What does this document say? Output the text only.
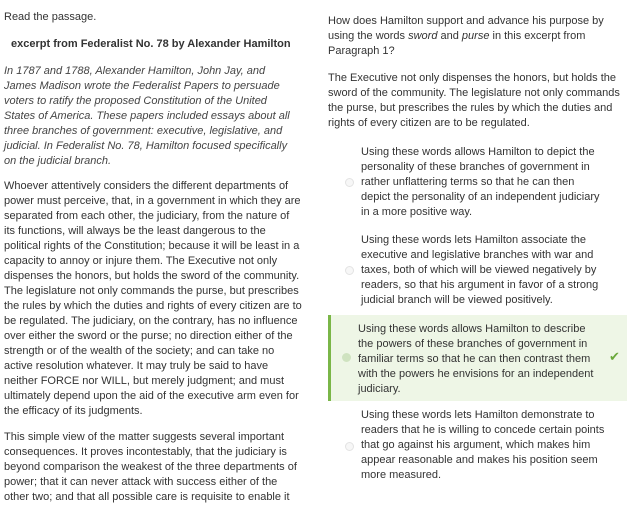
Read the passage.
excerpt from Federalist No. 78 by Alexander Hamilton
In 1787 and 1788, Alexander Hamilton, John Jay, and James Madison wrote the Federalist Papers to persuade voters to ratify the proposed Constitution of the United States of America. These papers included essays about all three branches of government: executive, legislative, and judicial. In Federalist No. 78, Hamilton focused specifically on the judicial branch.
Whoever attentively considers the different departments of power must perceive, that, in a government in which they are separated from each other, the judiciary, from the nature of its functions, will always be the least dangerous to the political rights of the Constitution; because it will be least in a capacity to annoy or injure them. The Executive not only dispenses the honors, but holds the sword of the community. The legislature not only commands the purse, but prescribes the rules by which the duties and rights of every citizen are to be regulated. The judiciary, on the contrary, has no influence over either the sword or the purse; no direction either of the strength or of the wealth of the society; and can take no active resolution whatever. It may truly be said to have neither FORCE nor WILL, but merely judgment; and must ultimately depend upon the aid of the executive arm even for the efficacy of its judgments.
This simple view of the matter suggests several important consequences. It proves incontestably, that the judiciary is beyond comparison the weakest of the three departments of power; that it can never attack with success either of the other two; and that all possible care is requisite to enable it
How does Hamilton support and advance his purpose by using the words sword and purse in this excerpt from Paragraph 1?
The Executive not only dispenses the honors, but holds the sword of the community. The legislature not only commands the purse, but prescribes the rules by which the duties and rights of every citizen are to be regulated.
Using these words allows Hamilton to depict the personality of these branches of government in rather unflattering terms so that he can then depict the personality of an independent judiciary in a more positive way.
Using these words lets Hamilton associate the executive and legislative branches with war and taxes, both of which will be viewed negatively by readers, so that his argument in favor of a strong judicial branch will be viewed positively.
Using these words allows Hamilton to describe the powers of these branches of government in familiar terms so that he can then contrast them with the powers he envisions for an independent judiciary.
✔
Using these words lets Hamilton demonstrate to readers that he is willing to concede certain points that go against his argument, which makes him appear reasonable and makes his position seem more measured.
